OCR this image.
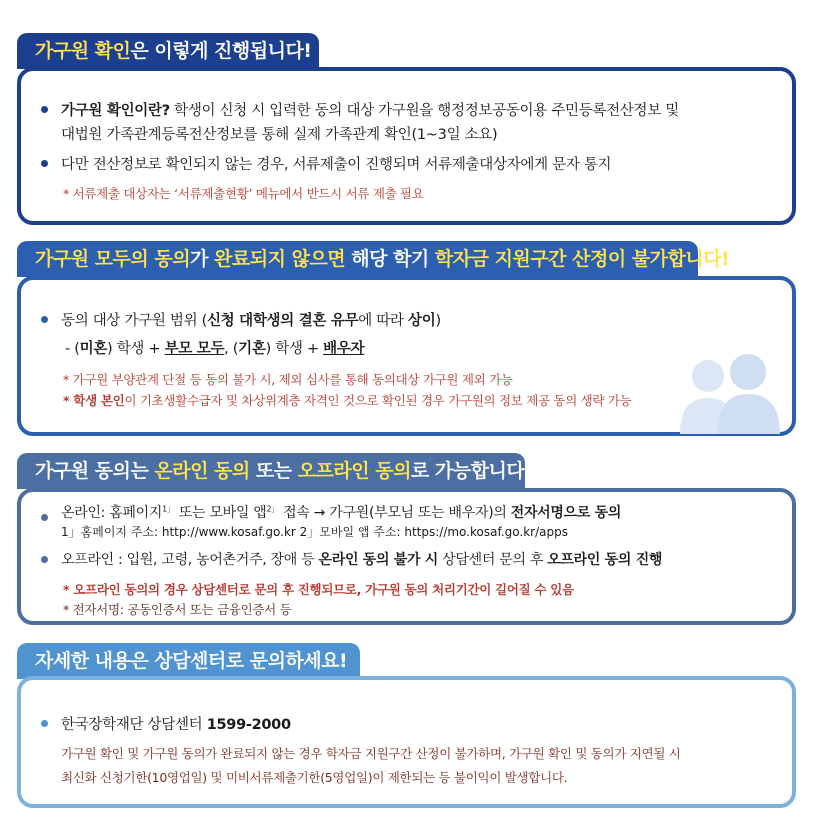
가구원 확인은 이렇게 진행됩니다!
가구원 확인이란? 학생이 신청 시 입력한 동의 대상 가구원을 행정정보공동이용 주민등록전산정보 및
대법원 가족관계등록전산정보를 통해 실제 가족관계 확인(1~3일 소요)
다만 전산정보로 확인되지 않는 경우, 서류제출이 진행되며 서류제출대상자에게 문자 통지
* 서류제출 대상자는 ‘서류제출현황’ 메뉴에서 반드시 서류 제출 필요
가구원 모두의 동의가 완료되지 않으면 해당 학기 학자금 지원구간 산정이 불가합니다!
동의 대상 가구원 범위 (신청 대학생의 결혼 유무에 따라 상이)
- (미혼) 학생 + 부모 모두, (기혼) 학생 + 배우자
* 가구원 부양관계 단절 등 동의 불가 시, 제외 심사를 통해 동의대상 가구원 제외 가능
* 학생 본인이 기초생활수급자 및 차상위계층 자격인 것으로 확인된 경우 가구원의 정보 제공 동의 생략 가능
가구원 동의는 온라인 동의 또는 오프라인 동의로 가능합니다!
온라인: 홈페이지$^{1」}$ 또는 모바일 앱$^{2」}$ 접속 → 가구원(부모님 또는 배우자)의 전자서명으로 동의
1」홈페이지 주소: http://www.kosaf.go.kr 2」모바일 앱 주소: https://mo.kosaf.go.kr/apps
오프라인 : 입원, 고령, 농어촌거주, 장애 등 온라인 동의 불가 시 상담센터 문의 후 오프라인 동의 진행
* 오프라인 동의의 경우 상담센터로 문의 후 진행되므로, 가구원 동의 처리기간이 길어질 수 있음
* 전자서명: 공동인증서 또는 금융인증서 등
자세한 내용은 상담센터로 문의하세요!
한국장학재단 상담센터 1599-2000
가구원 확인 및 가구원 동의가 완료되지 않는 경우 학자금 지원구간 산정이 불가하며, 가구원 확인 및 동의가 지연될 시
최신화 신청기한(10영업일) 및 미비서류제출기한(5영업일)이 제한되는 등 불이익이 발생합니다.
